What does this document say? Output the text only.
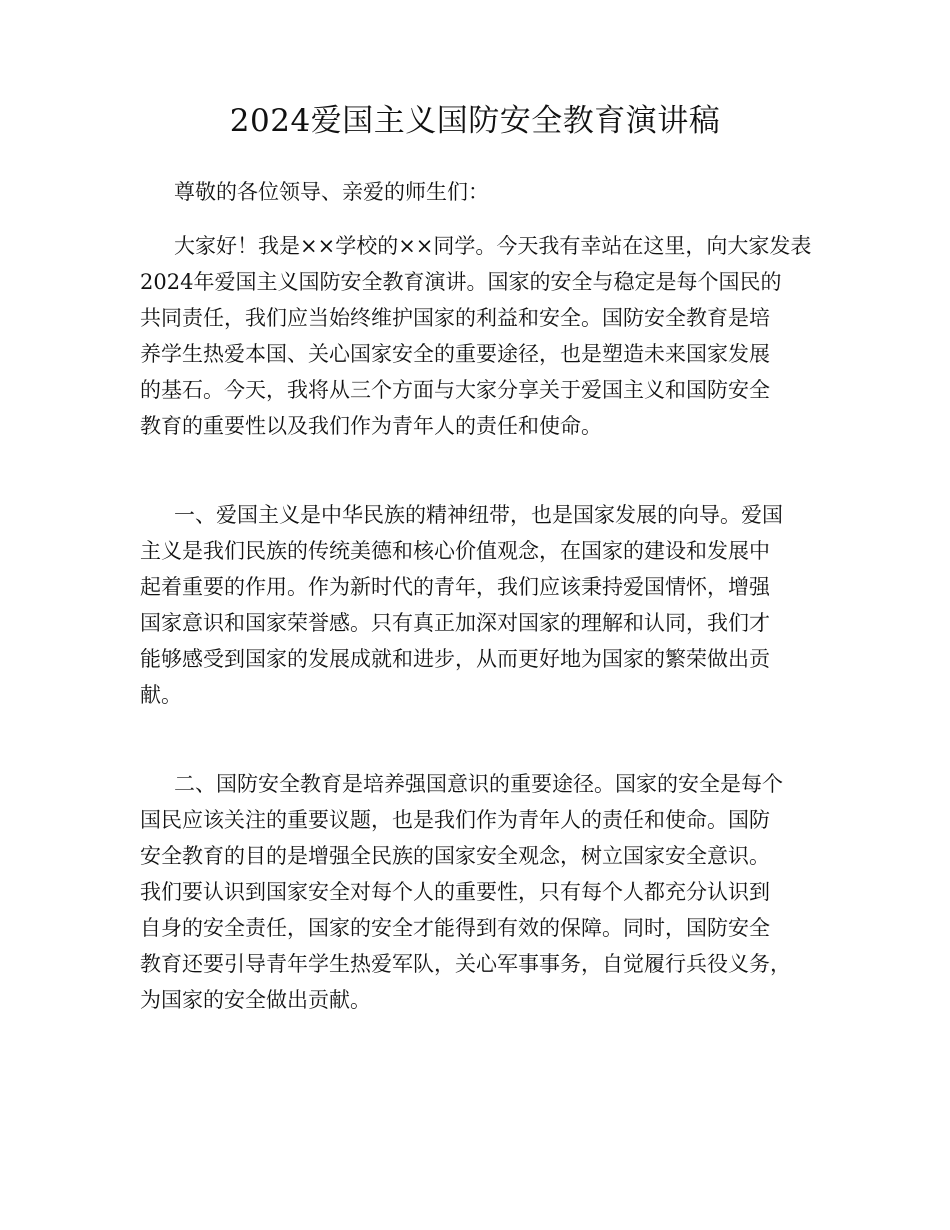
2024爱国主义国防安全教育演讲稿

尊敬的各位领导、亲爱的师生们：

大家好！我是××学校的××同学。今天我有幸站在这里，向大家发表
2024年爱国主义国防安全教育演讲。国家的安全与稳定是每个国民的
共同责任，我们应当始终维护国家的利益和安全。国防安全教育是培
养学生热爱本国、关心国家安全的重要途径，也是塑造未来国家发展
的基石。今天，我将从三个方面与大家分享关于爱国主义和国防安全
教育的重要性以及我们作为青年人的责任和使命。

一、爱国主义是中华民族的精神纽带，也是国家发展的向导。爱国
主义是我们民族的传统美德和核心价值观念，在国家的建设和发展中
起着重要的作用。作为新时代的青年，我们应该秉持爱国情怀，增强
国家意识和国家荣誉感。只有真正加深对国家的理解和认同，我们才
能够感受到国家的发展成就和进步，从而更好地为国家的繁荣做出贡
献。

二、国防安全教育是培养强国意识的重要途径。国家的安全是每个
国民应该关注的重要议题，也是我们作为青年人的责任和使命。国防
安全教育的目的是增强全民族的国家安全观念，树立国家安全意识。
我们要认识到国家安全对每个人的重要性，只有每个人都充分认识到
自身的安全责任，国家的安全才能得到有效的保障。同时，国防安全
教育还要引导青年学生热爱军队，关心军事事务，自觉履行兵役义务，
为国家的安全做出贡献。
